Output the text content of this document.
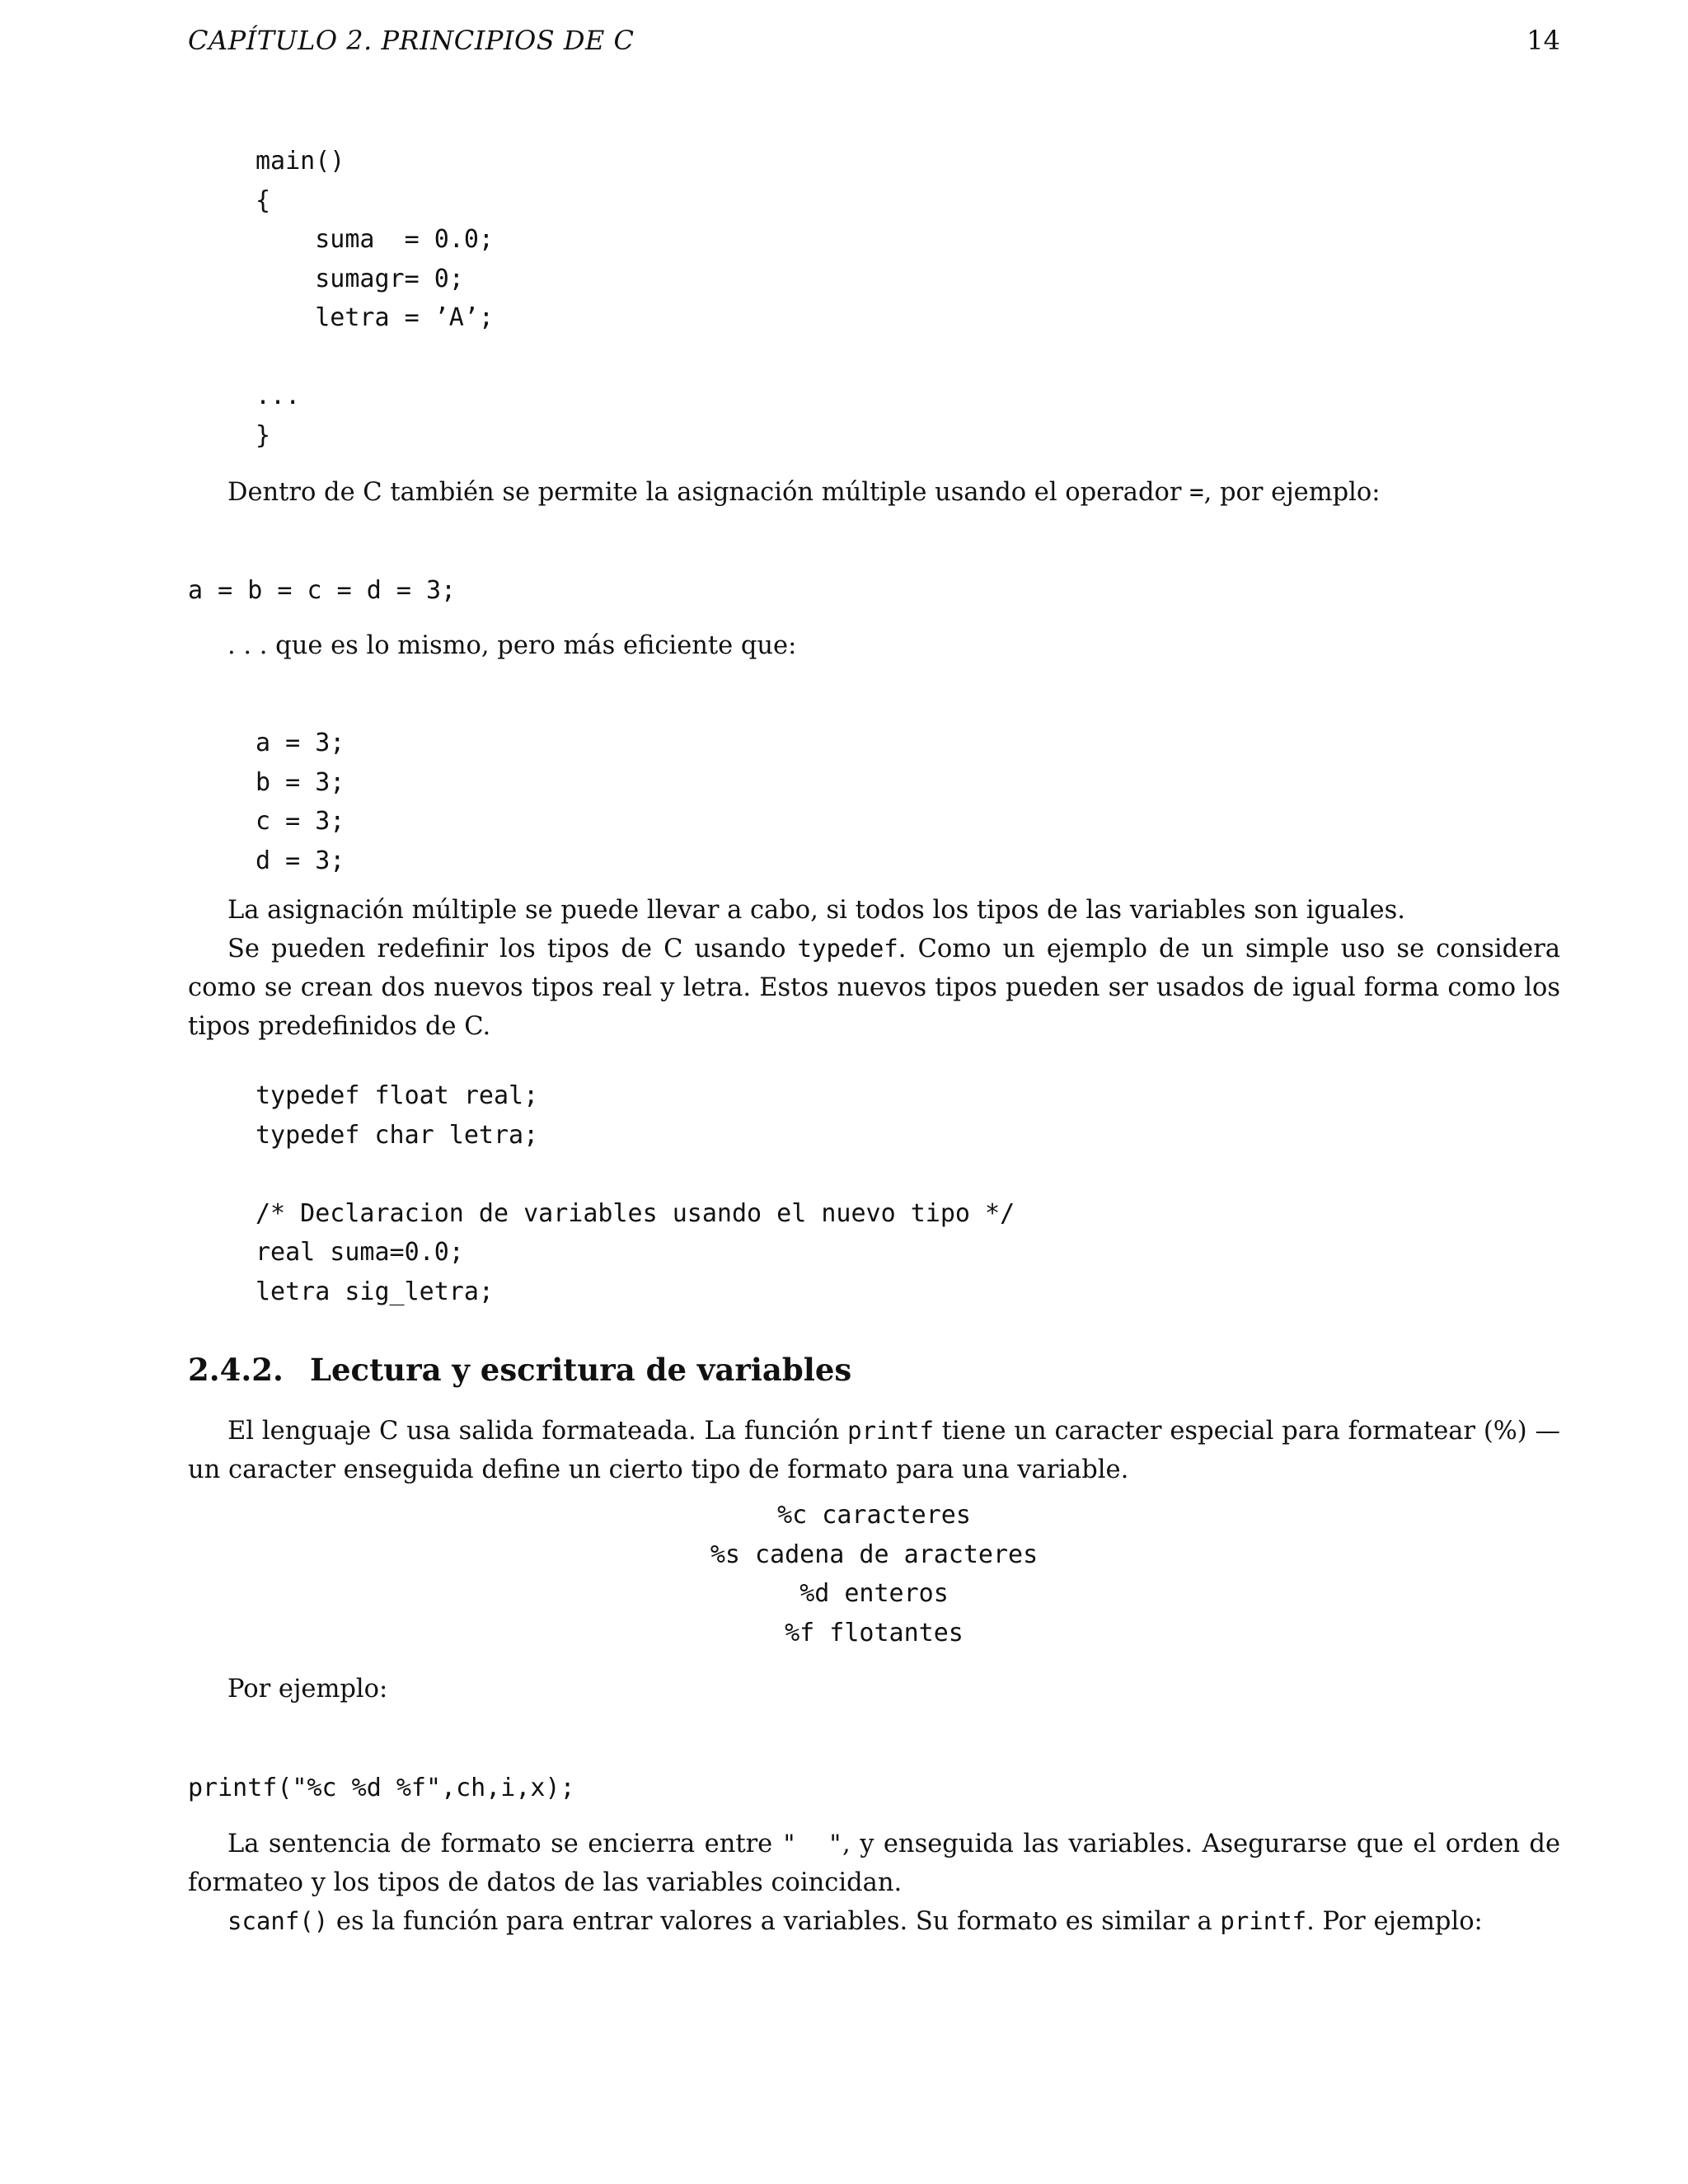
CAPÍTULO 2. PRINCIPIOS DE C	14
main()
{
suma  = 0.0;
sumagr= 0;
letra = ’A’;

...
}

Dentro de C también se permite la asignación múltiple usando el operador =, por ejemplo:

a = b = c = d = 3;

. . . que es lo mismo, pero más eficiente que:

a = 3;
b = 3;
c = 3;
d = 3;

La asignación múltiple se puede llevar a cabo, si todos los tipos de las variables son iguales.

Se pueden redefinir los tipos de C usando typedef. Como un ejemplo de un simple uso se considera como se crean dos nuevos tipos real y letra. Estos nuevos tipos pueden ser usados de igual forma como los tipos predefinidos de C.

typedef float real;
typedef char letra;

/* Declaracion de variables usando el nuevo tipo */
real suma=0.0;
letra sig_letra;
2.4.2. Lectura y escritura de variables

El lenguaje C usa salida formateada. La función printf tiene un caracter especial para formatear (%) — un caracter enseguida define un cierto tipo de formato para una variable.

%c caracteres
%s cadena de aracteres
%d enteros
%f flotantes

Por ejemplo:

printf("%c %d %f",ch,i,x);

La sentencia de formato se encierra entre "  ", y enseguida las variables. Asegurarse que el orden de formateo y los tipos de datos de las variables coincidan.

scanf() es la función para entrar valores a variables. Su formato es similar a printf. Por ejemplo:
